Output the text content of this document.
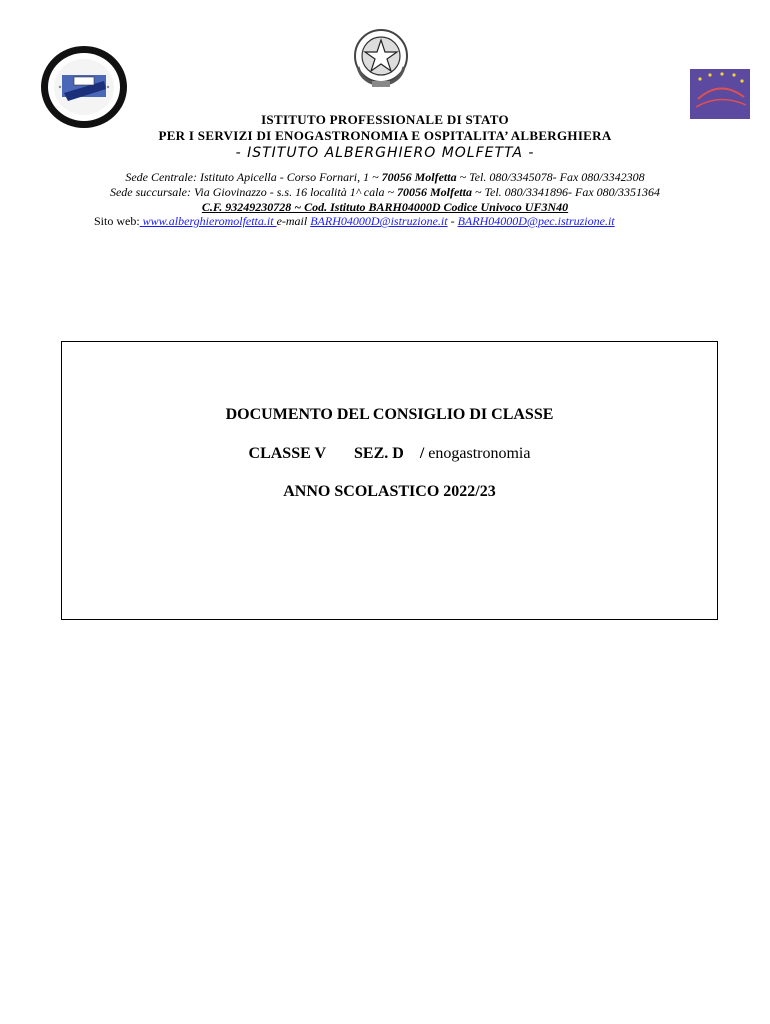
ISTITUTO PROFESSIONALE DI STATO
PER I SERVIZI DI ENOGASTRONOMIA E OSPITALITA’ ALBERGHIERA
- ISTITUTO ALBERGHIERO MOLFETTA -
Sede Centrale: Istituto Apicella - Corso Fornari, 1 ~ 70056 Molfetta ~ Tel. 080/3345078- Fax 080/3342308
Sede succursale: Via Giovinazzo - s.s. 16 località 1^ cala ~ 70056 Molfetta ~ Tel. 080/3341896- Fax 080/3351364
C.F. 93249230728 ~ Cod. Istituto BARH04000D Codice Univoco UF3N40
Sito web: www.alberghieromolfetta.it e-mail BARH04000D@istruzione.it - BARH04000D@pec.istruzione.it
DOCUMENTO DEL CONSIGLIO DI CLASSE
CLASSE V SEZ. D / enogastronomia
ANNO SCOLASTICO 2022/23
